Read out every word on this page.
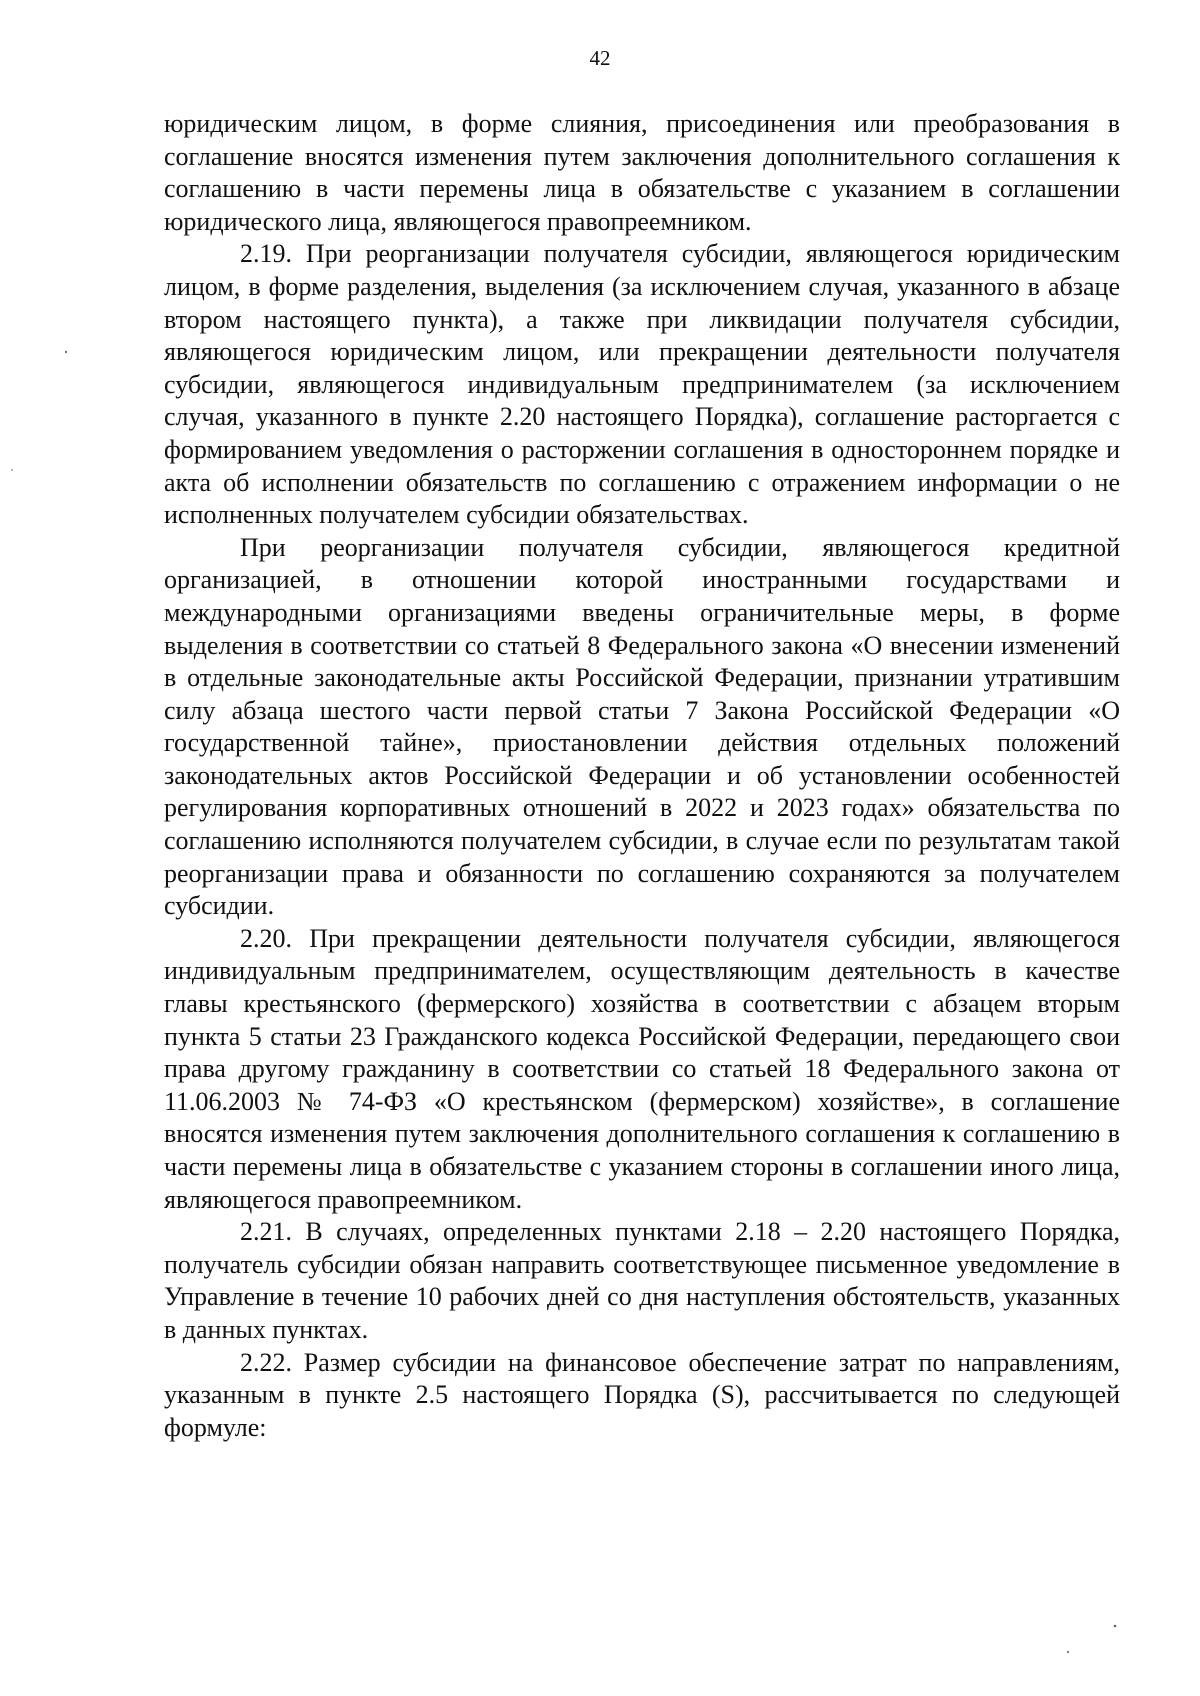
42

юридическим лицом, в форме слияния, присоединения или преобразования в соглашение вносятся изменения путем заключения дополнительного соглашения к соглашению в части перемены лица в обязательстве с указанием в соглашении юридического лица, являющегося правопреемником.

2.19. При реорганизации получателя субсидии, являющегося юридическим лицом, в форме разделения, выделения (за исключением случая, указанного в абзаце втором настоящего пункта), а также при ликвидации получателя субсидии, являющегося юридическим лицом, или прекращении деятельности получателя субсидии, являющегося индивидуальным предпринимателем (за исключением случая, указанного в пункте 2.20 настоящего Порядка), соглашение расторгается с формированием уведомления о расторжении соглашения в одностороннем порядке и акта об исполнении обязательств по соглашению с отражением информации о не исполненных получателем субсидии обязательствах.

При реорганизации получателя субсидии, являющегося кредитной организацией, в отношении которой иностранными государствами и международными организациями введены ограничительные меры, в форме выделения в соответствии со статьей 8 Федерального закона «О внесении изменений в отдельные законодательные акты Российской Федерации, признании утратившим силу абзаца шестого части первой статьи 7 Закона Российской Федерации «О государственной тайне», приостановлении действия отдельных положений законодательных актов Российской Федерации и об установлении особенностей регулирования корпоративных отношений в 2022 и 2023 годах» обязательства по соглашению исполняются получателем субсидии, в случае если по результатам такой реорганизации права и обязанности по соглашению сохраняются за получателем субсидии.

2.20. При прекращении деятельности получателя субсидии, являющегося индивидуальным предпринимателем, осуществляющим деятельность в качестве главы крестьянского (фермерского) хозяйства в соответствии с абзацем вторым пункта 5 статьи 23 Гражданского кодекса Российской Федерации, передающего свои права другому гражданину в соответствии со статьей 18 Федерального закона от 11.06.2003 № 74-ФЗ «О крестьянском (фермерском) хозяйстве», в соглашение вносятся изменения путем заключения дополнительного соглашения к соглашению в части перемены лица в обязательстве с указанием стороны в соглашении иного лица, являющегося правопреемником.

2.21. В случаях, определенных пунктами 2.18 – 2.20 настоящего Порядка, получатель субсидии обязан направить соответствующее письменное уведомление в Управление в течение 10 рабочих дней со дня наступления обстоятельств, указанных в данных пунктах.

2.22. Размер субсидии на финансовое обеспечение затрат по направлениям, указанным в пункте 2.5 настоящего Порядка (S), рассчитывается по следующей формуле:
